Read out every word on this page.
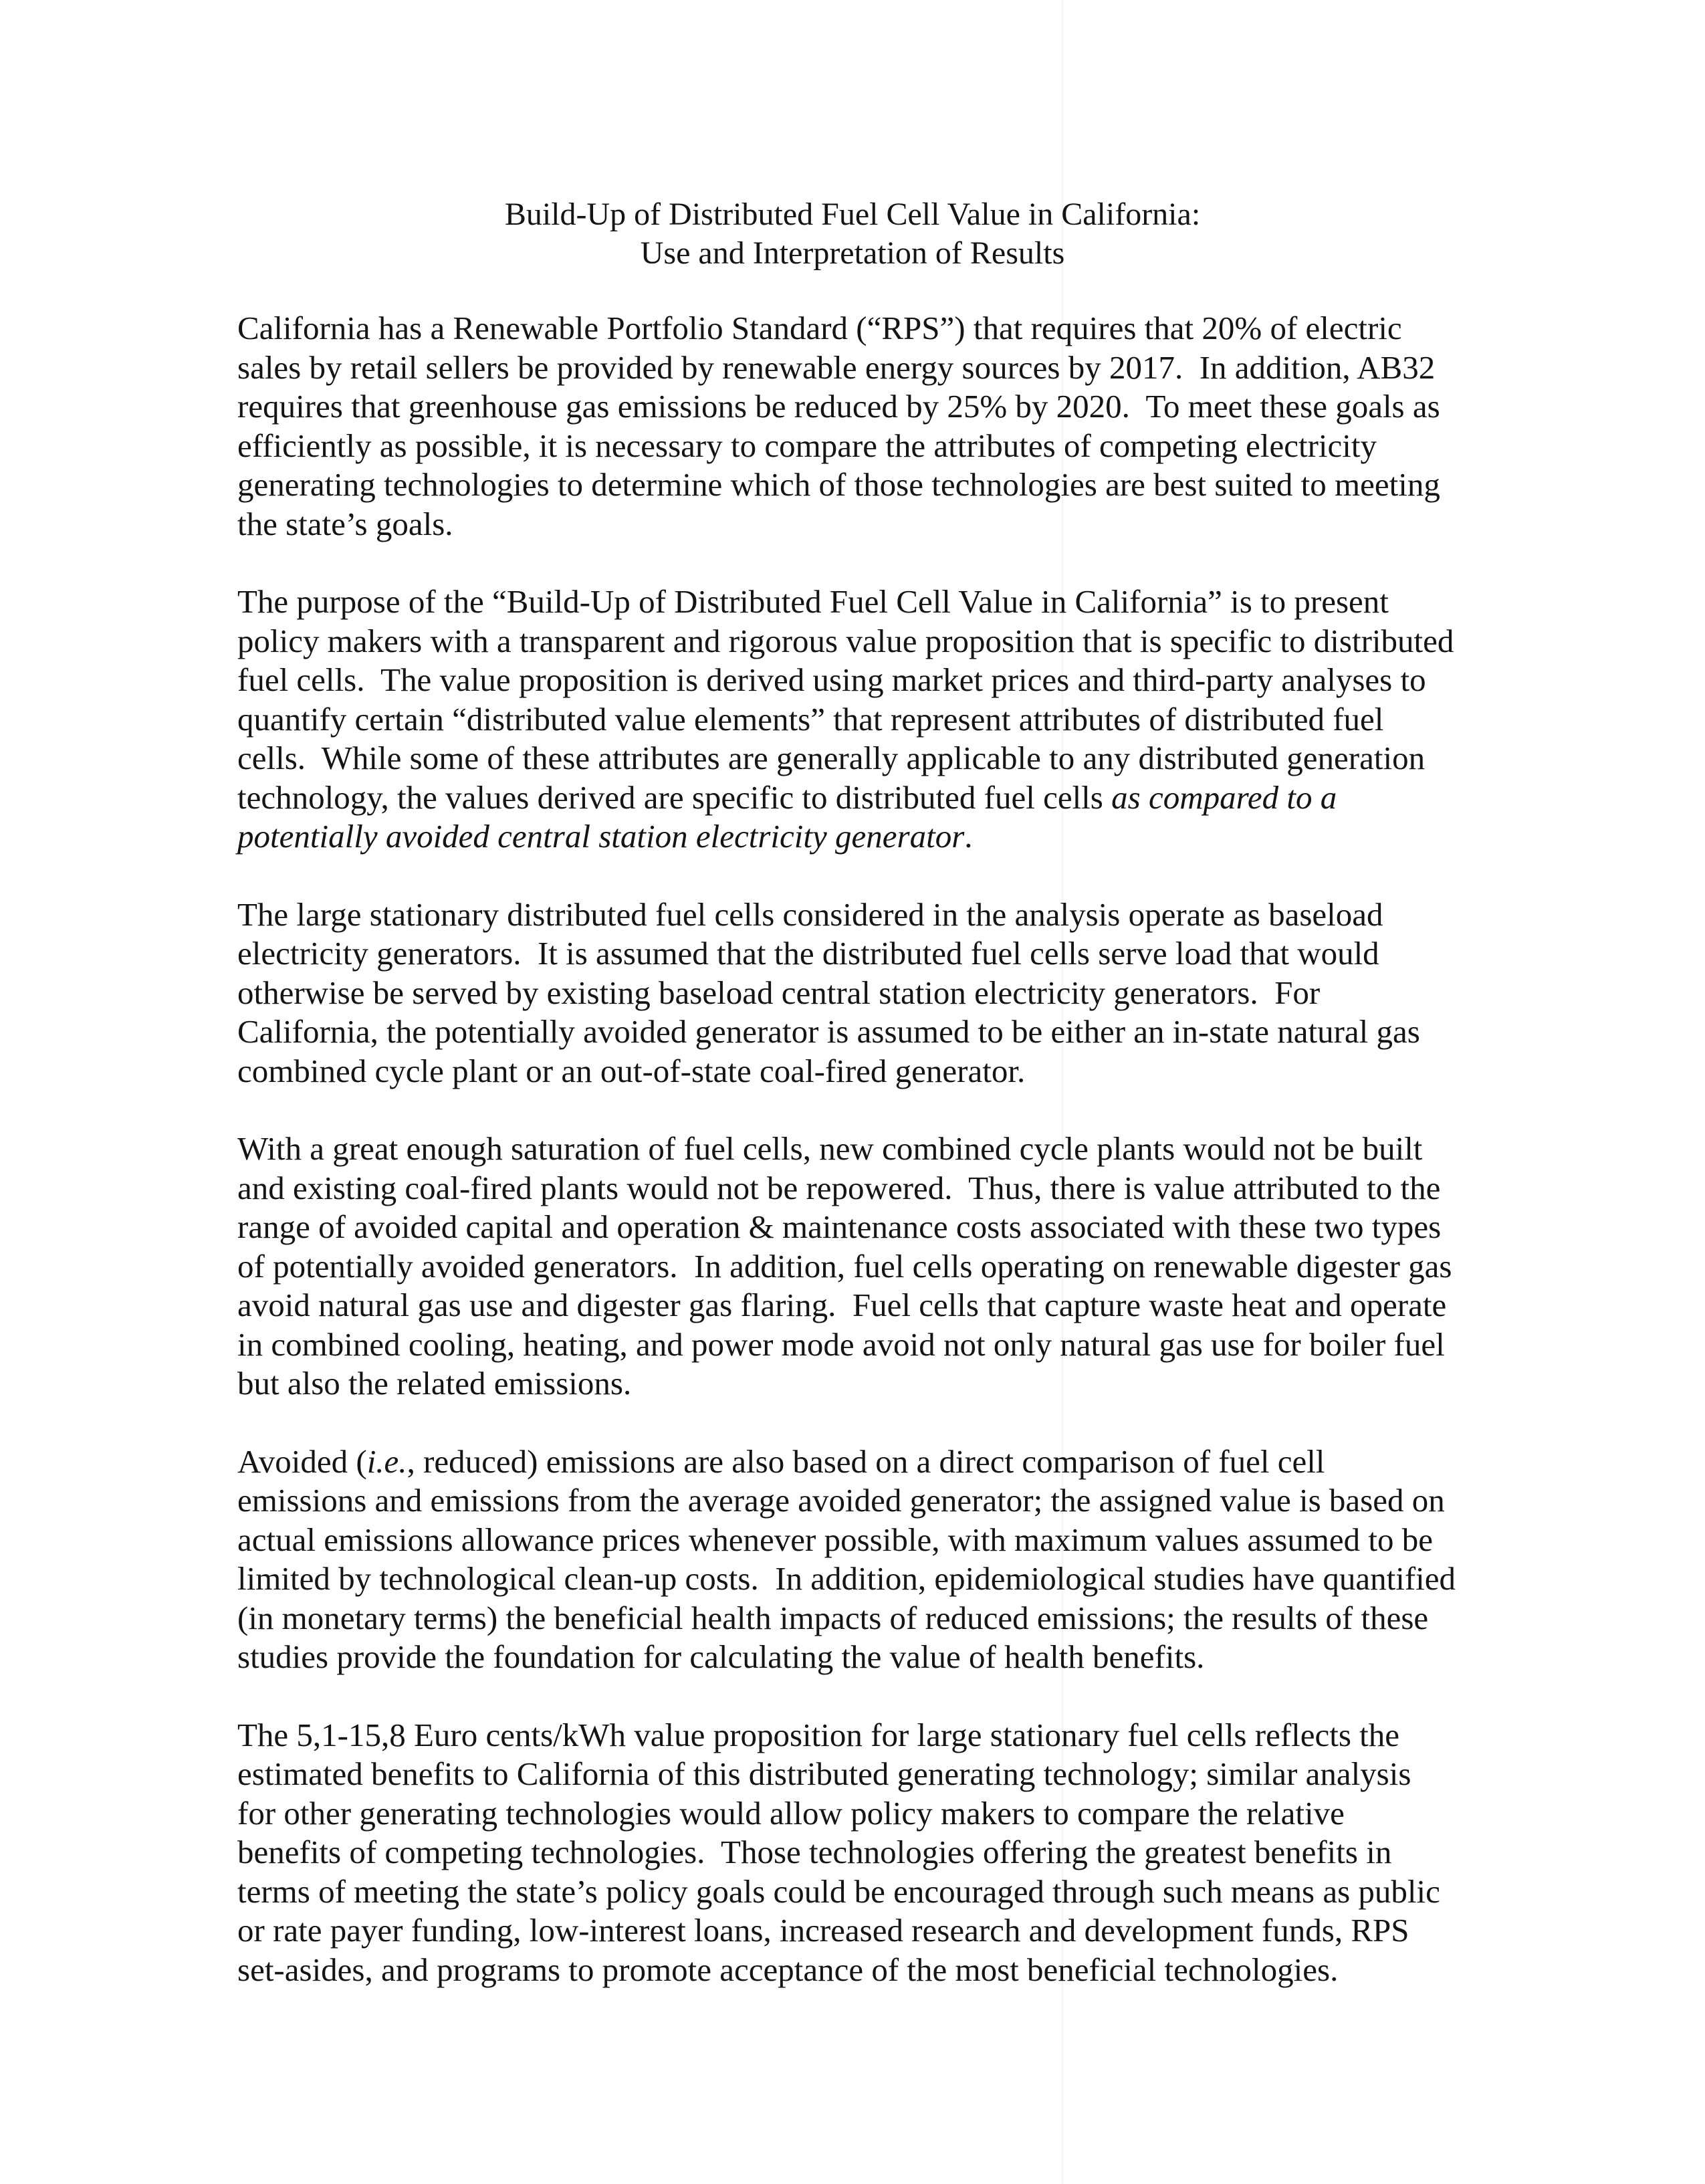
Build-Up of Distributed Fuel Cell Value in California:
Use and Interpretation of Results

California has a Renewable Portfolio Standard (“RPS”) that requires that 20% of electric
sales by retail sellers be provided by renewable energy sources by 2017.  In addition, AB32
requires that greenhouse gas emissions be reduced by 25% by 2020.  To meet these goals as
efficiently as possible, it is necessary to compare the attributes of competing electricity
generating technologies to determine which of those technologies are best suited to meeting
the state’s goals.

The purpose of the “Build-Up of Distributed Fuel Cell Value in California” is to present
policy makers with a transparent and rigorous value proposition that is specific to distributed
fuel cells.  The value proposition is derived using market prices and third-party analyses to
quantify certain “distributed value elements” that represent attributes of distributed fuel
cells.  While some of these attributes are generally applicable to any distributed generation
technology, the values derived are specific to distributed fuel cells as compared to a
potentially avoided central station electricity generator.

The large stationary distributed fuel cells considered in the analysis operate as baseload
electricity generators.  It is assumed that the distributed fuel cells serve load that would
otherwise be served by existing baseload central station electricity generators.  For
California, the potentially avoided generator is assumed to be either an in-state natural gas
combined cycle plant or an out-of-state coal-fired generator.

With a great enough saturation of fuel cells, new combined cycle plants would not be built
and existing coal-fired plants would not be repowered.  Thus, there is value attributed to the
range of avoided capital and operation & maintenance costs associated with these two types
of potentially avoided generators.  In addition, fuel cells operating on renewable digester gas
avoid natural gas use and digester gas flaring.  Fuel cells that capture waste heat and operate
in combined cooling, heating, and power mode avoid not only natural gas use for boiler fuel
but also the related emissions.

Avoided (i.e., reduced) emissions are also based on a direct comparison of fuel cell
emissions and emissions from the average avoided generator; the assigned value is based on
actual emissions allowance prices whenever possible, with maximum values assumed to be
limited by technological clean-up costs.  In addition, epidemiological studies have quantified
(in monetary terms) the beneficial health impacts of reduced emissions; the results of these
studies provide the foundation for calculating the value of health benefits.

The 5,1-15,8 Euro cents/kWh value proposition for large stationary fuel cells reflects the
estimated benefits to California of this distributed generating technology; similar analysis
for other generating technologies would allow policy makers to compare the relative
benefits of competing technologies.  Those technologies offering the greatest benefits in
terms of meeting the state’s policy goals could be encouraged through such means as public
or rate payer funding, low-interest loans, increased research and development funds, RPS
set-asides, and programs to promote acceptance of the most beneficial technologies.
